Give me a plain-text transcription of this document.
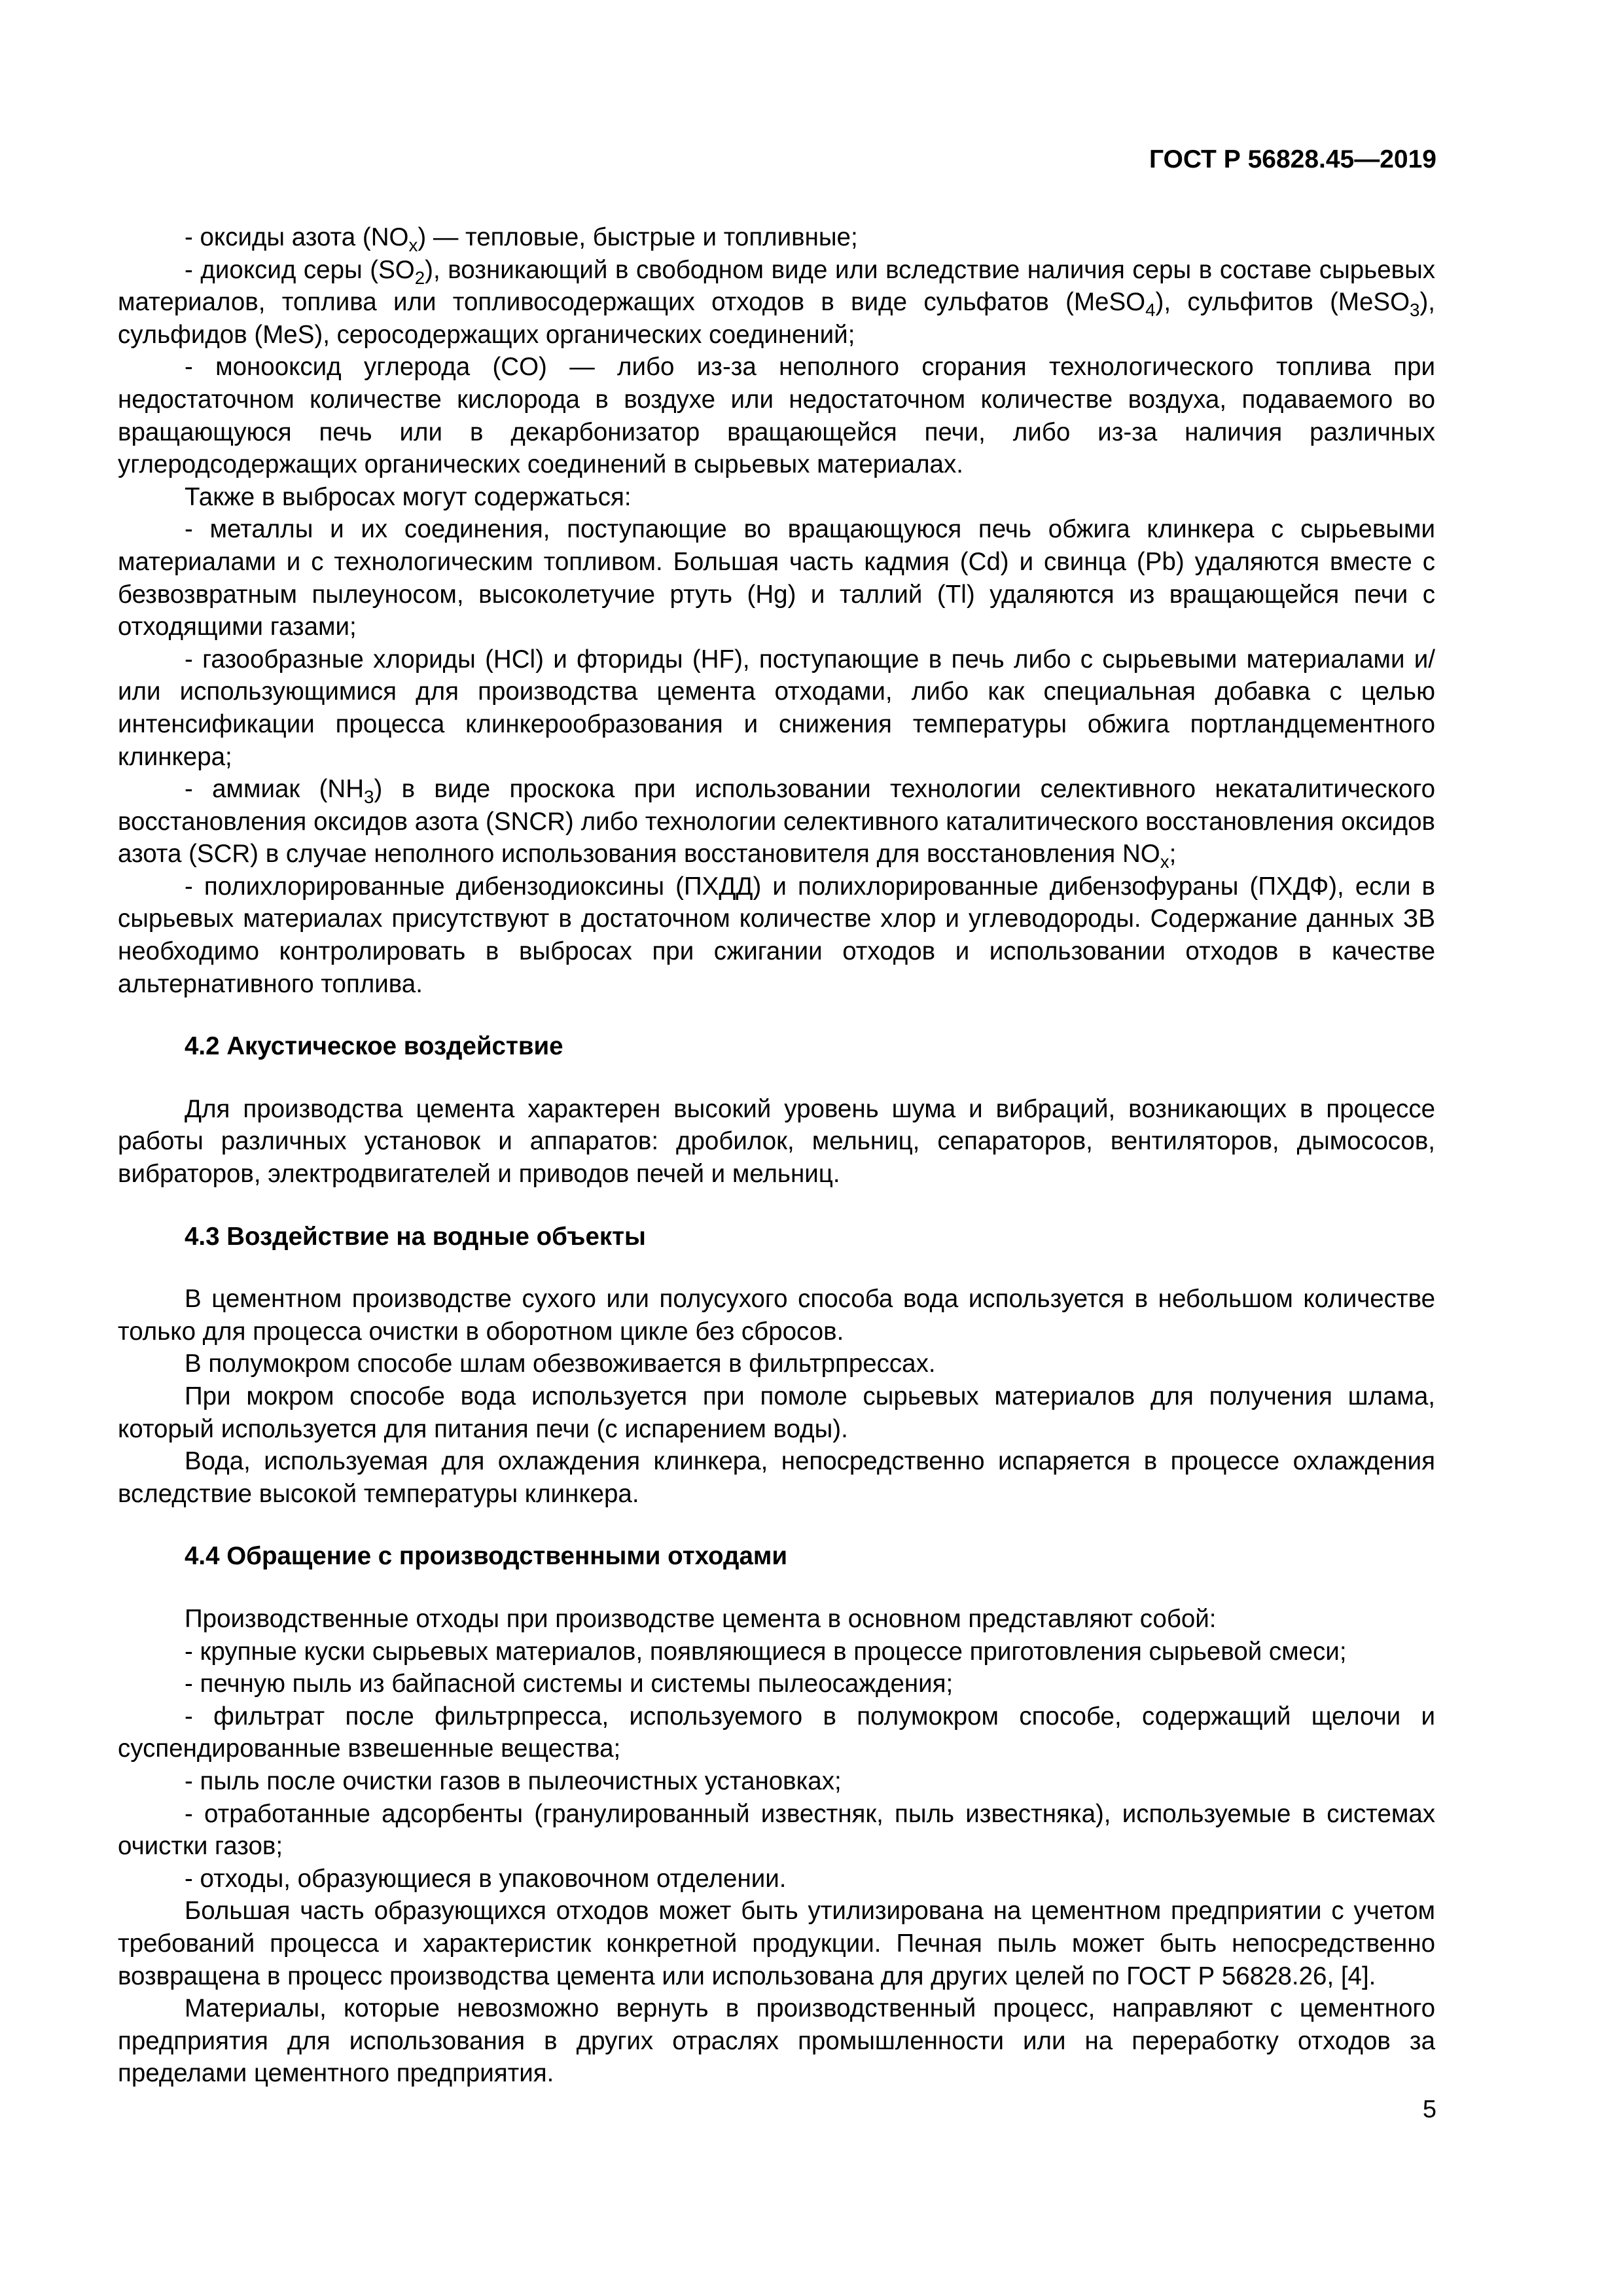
ГОСТ Р 56828.45—2019

- оксиды азота $(NO_x)$ — тепловые, быстрые и топливные;

- диоксид серы $(SO_2)$, возникающий в свободном виде или вследствие наличия серы в составе сырьевых материалов, топлива или топливосодержащих отходов в виде сульфатов (MeSO$_4$), сульфитов (MeSO$_3$), сульфидов (MeS), серосодержащих органических соединений;

- монооксид углерода (CO) — либо из-за неполного сгорания технологического топлива при недостаточном количестве кислорода в воздухе или недостаточном количестве воздуха, подаваемого во вращающуюся печь или в декарбонизатор вращающейся печи, либо из-за наличия различных углеродсодержащих органических соединений в сырьевых материалах.

Также в выбросах могут содержаться:

- металлы и их соединения, поступающие во вращающуюся печь обжига клинкера с сырьевыми материалами и с технологическим топливом. Большая часть кадмия (Cd) и свинца (Pb) удаляются вместе с безвозвратным пылеуносом, высоколетучие ртуть (Hg) и таллий (Tl) удаляются из вращающейся печи с отходящими газами;

- газообразные хлориды (HCl) и фториды (HF), поступающие в печь либо с сырьевыми материалами и/или использующимися для производства цемента отходами, либо как специальная добавка с целью интенсификации процесса клинкерообразования и снижения температуры обжига портландцементного клинкера;

- аммиак $(NH_3)$ в виде проскока при использовании технологии селективного некаталитического восстановления оксидов азота (SNCR) либо технологии селективного каталитического восстановления оксидов азота (SCR) в случае неполного использования восстановителя для восстановления $NO_x$;

- полихлорированные дибензодиоксины (ПХДД) и полихлорированные дибензофураны (ПХДФ), если в сырьевых материалах присутствуют в достаточном количестве хлор и углеводороды. Содержание данных ЗВ необходимо контролировать в выбросах при сжигании отходов и использовании отходов в качестве альтернативного топлива.

4.2 Акустическое воздействие

Для производства цемента характерен высокий уровень шума и вибраций, возникающих в процессе работы различных установок и аппаратов: дробилок, мельниц, сепараторов, вентиляторов, дымососов, вибраторов, электродвигателей и приводов печей и мельниц.

4.3 Воздействие на водные объекты

В цементном производстве сухого или полусухого способа вода используется в небольшом количестве только для процесса очистки в оборотном цикле без сбросов.

В полумокром способе шлам обезвоживается в фильтрпрессах.

При мокром способе вода используется при помоле сырьевых материалов для получения шлама, который используется для питания печи (с испарением воды).

Вода, используемая для охлаждения клинкера, непосредственно испаряется в процессе охлаждения вследствие высокой температуры клинкера.

4.4 Обращение с производственными отходами

Производственные отходы при производстве цемента в основном представляют собой:

- крупные куски сырьевых материалов, появляющиеся в процессе приготовления сырьевой смеси;

- печную пыль из байпасной системы и системы пылеосаждения;

- фильтрат после фильтрпресса, используемого в полумокром способе, содержащий щелочи и суспендированные взвешенные вещества;

- пыль после очистки газов в пылеочистных установках;

- отработанные адсорбенты (гранулированный известняк, пыль известняка), используемые в системах очистки газов;

- отходы, образующиеся в упаковочном отделении.

Большая часть образующихся отходов может быть утилизирована на цементном предприятии с учетом требований процесса и характеристик конкретной продукции. Печная пыль может быть непосредственно возвращена в процесс производства цемента или использована для других целей по ГОСТ Р 56828.26, [4].

Материалы, которые невозможно вернуть в производственный процесс, направляют с цементного предприятия для использования в других отраслях промышленности или на переработку отходов за пределами цементного предприятия.

5
